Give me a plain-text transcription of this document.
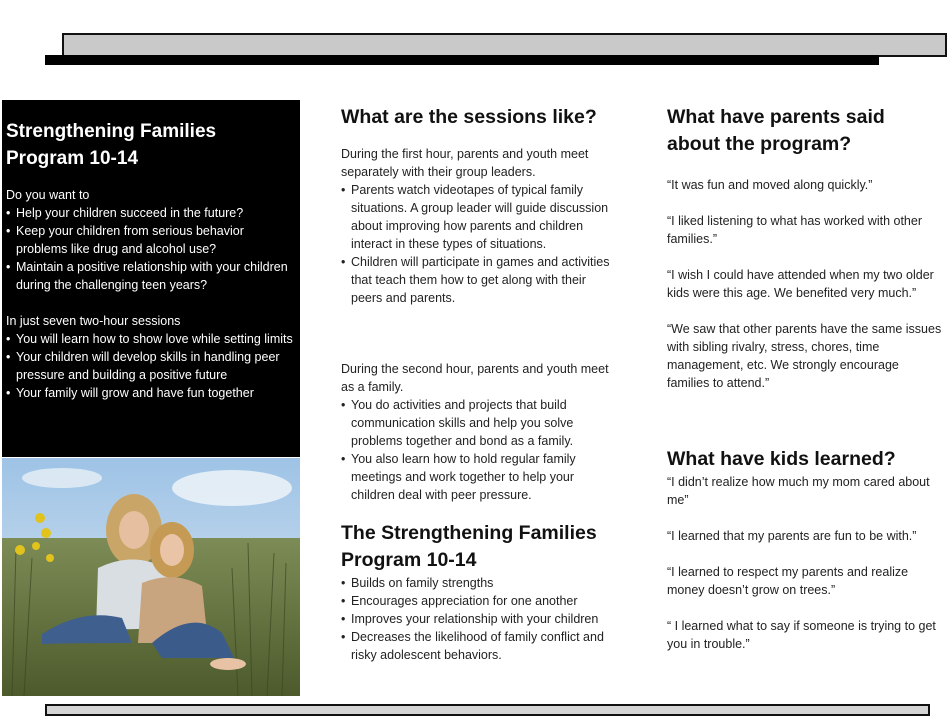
Strengthening Families
Program 10-14
Do you want to
• Help your children succeed in the future?
• Keep your children from serious behavior problems like drug and alcohol use?
• Maintain a positive relationship with your children during the challenging teen years?
In just seven two-hour sessions
• You will learn how to show love while setting limits
• Your children will develop skills in handling peer pressure and building a positive future
• Your family will grow and have fun together
What are the sessions like?
During the first hour, parents and youth meet separately with their group leaders.
• Parents watch videotapes of typical family situations. A group leader will guide discussion about improving how parents and children interact in these types of situations.
• Children will participate in games and activities that teach them how to get along with their peers and parents.
During the second hour, parents and youth meet as a family.
• You do activities and projects that build communication skills and help you solve problems together and bond as a family.
• You also learn how to hold regular family meetings and work together to help your children deal with peer pressure.
The Strengthening Families
Program 10-14
• Builds on family strengths
• Encourages appreciation for one another
• Improves your relationship with your children
• Decreases the likelihood of family conflict and risky adolescent behaviors.
What have parents said
about the program?
“It was fun and moved along quickly.”
“I liked listening to what has worked with other families.”
“I wish I could have attended when my two older kids were this age. We benefited very much.”
“We saw that other parents have the same issues with sibling rivalry, stress, chores, time management, etc. We strongly encourage families to attend.”
What have kids learned?
“I didn’t realize how much my mom cared about me”
“I learned that my parents are fun to be with.”
“I learned to respect my parents and realize money doesn’t grow on trees.”
“ I learned what to say if someone is trying to get you in trouble.”
